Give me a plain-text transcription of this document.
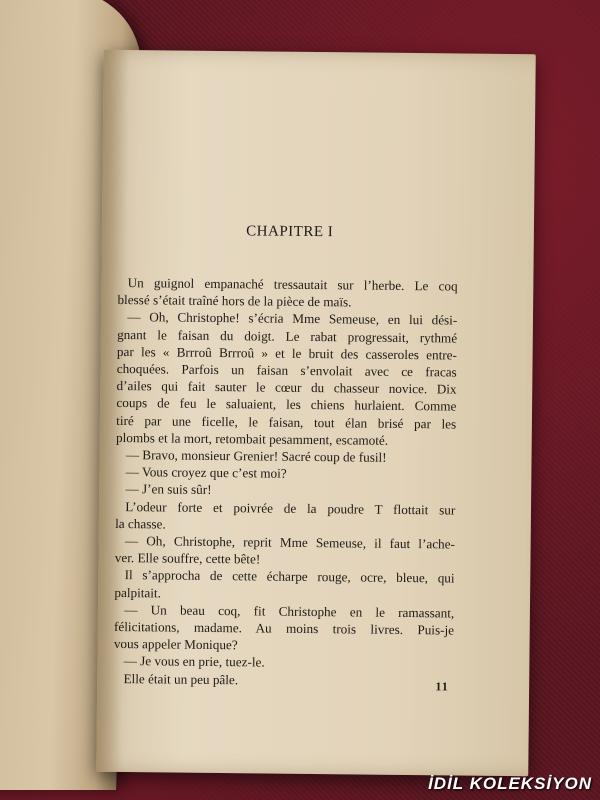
CHAPITRE I
Un guignol empanaché tressautait sur l’herbe. Le coq
blessé s’était traîné hors de la pièce de maïs.
— Oh, Christophe! s’écria Mme Semeuse, en lui dési-
gnant le faisan du doigt. Le rabat progressait, rythmé
par les « Brrroû Brrroû » et le bruit des casseroles entre-
choquées. Parfois un faisan s’envolait avec ce fracas
d’ailes qui fait sauter le cœur du chasseur novice. Dix
coups de feu le saluaient, les chiens hurlaient. Comme
tiré par une ficelle, le faisan, tout élan brisé par les
plombs et la mort, retombait pesamment, escamoté.
— Bravo, monsieur Grenier! Sacré coup de fusil!
— Vous croyez que c’est moi?
— J’en suis sûr!
L’odeur forte et poivrée de la poudre T flottait sur
la chasse.
— Oh, Christophe, reprit Mme Semeuse, il faut l’ache-
ver. Elle souffre, cette bête!
Il s’approcha de cette écharpe rouge, ocre, bleue, qui
palpitait.
— Un beau coq, fit Christophe en le ramassant,
félicitations, madame. Au moins trois livres. Puis-je
vous appeler Monique?
— Je vous en prie, tuez-le.
Elle était un peu pâle.	11

İDİL KOLEKSİYON
